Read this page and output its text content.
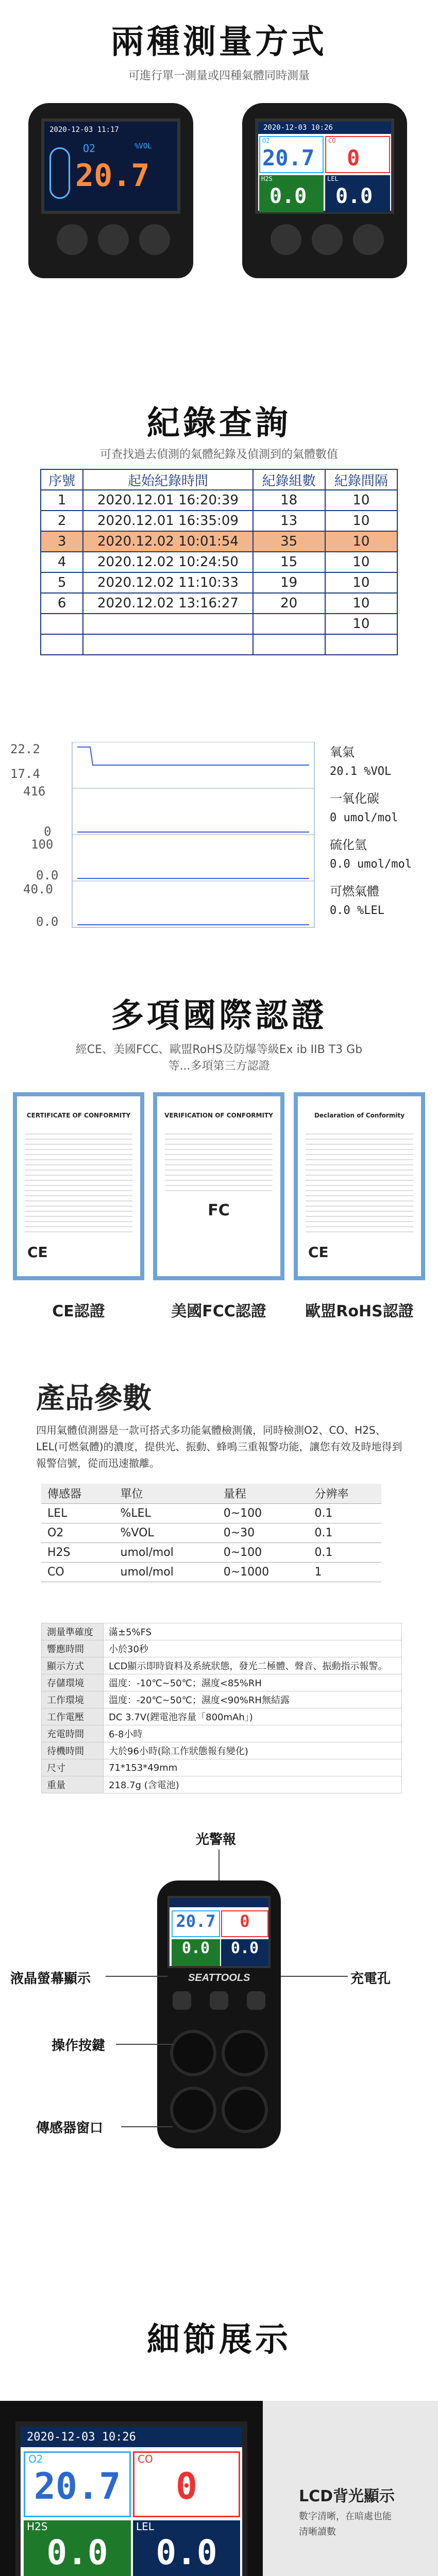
兩種測量方式
可進行單一測量或四種氣體同時測量
2020-12-03 11:17
O2	%VOL
20.7
2020-12-03 10:26
O2
20.7
CO
0
H2S
0.0
LEL
0.0
紀錄查詢
可查找過去偵測的氣體紀錄及偵測到的氣體數值
序號	起始紀錄時間	紀錄組數	紀錄間隔
1	2020.12.01 16:20:39	18	10
2	2020.12.01 16:35:09	13	10
3	2020.12.02 10:01:54	35	10
4	2020.12.02 10:24:50	15	10
5	2020.12.02 11:10:33	19	10
6	2020.12.02 13:16:27	20	10
			10

22.2
17.4
416
0
100
0.0
40.0
0.0
氧氣
20.1 %VOL
一氧化碳
0 umol/mol
硫化氫
0.0 umol/mol
可燃氣體
0.0 %LEL
多項國際認證
經CE、美國FCC、歐盟RoHS及防爆等級Ex ib IIB T3 Gb
等...多項第三方認證
CERTIFICATE OF CONFORMITY
CE
VERIFICATION OF CONFORMITY
FC
Declaration of Conformity
CE
CE認證	美國FCC認證	歐盟RoHS認證
產品參數
四用氣體偵測器是一款可搭式多功能氣體檢測儀，同時檢測O2、CO、H2S、LEL(可燃氣體)的濃度，提供光、振動、蜂鳴三重報警功能，讓您有效及時地得到報警信號，從而迅速撤離。
傳感器	單位	量程	分辨率
LEL	%LEL	0~100	0.1
O2	%VOL	0~30	0.1
H2S	umol/mol	0~100	0.1
CO	umol/mol	0~1000	1
測量準確度	滿±5%FS
響應時間	小於30秒
顯示方式	LCD顯示即時資料及系統狀態，發光二極體、聲音、振動指示報警。
存儲環境	溫度：-10℃~50℃；濕度<85%RH
工作環境	溫度：-20℃~50℃；濕度<90%RH無結露
工作電壓	DC 3.7V(鋰電池容量「800mAh」)
充電時間	6-8小時
待機時間	大於96小時(除工作狀態報有變化)
尺寸	71*153*49mm
重量	218.7g (含電池)
光警報
20.7	0
0.0	0.0
SEATTOOLS
液晶螢幕顯示	充電孔
操作按鍵
傳感器窗口
細節展示
2020-12-03 10:26
O2
20.7
CO
0
H2S
0.0
LEL
0.0
LCD背光顯示
數字清晰，在暗處也能
清晰讀數
